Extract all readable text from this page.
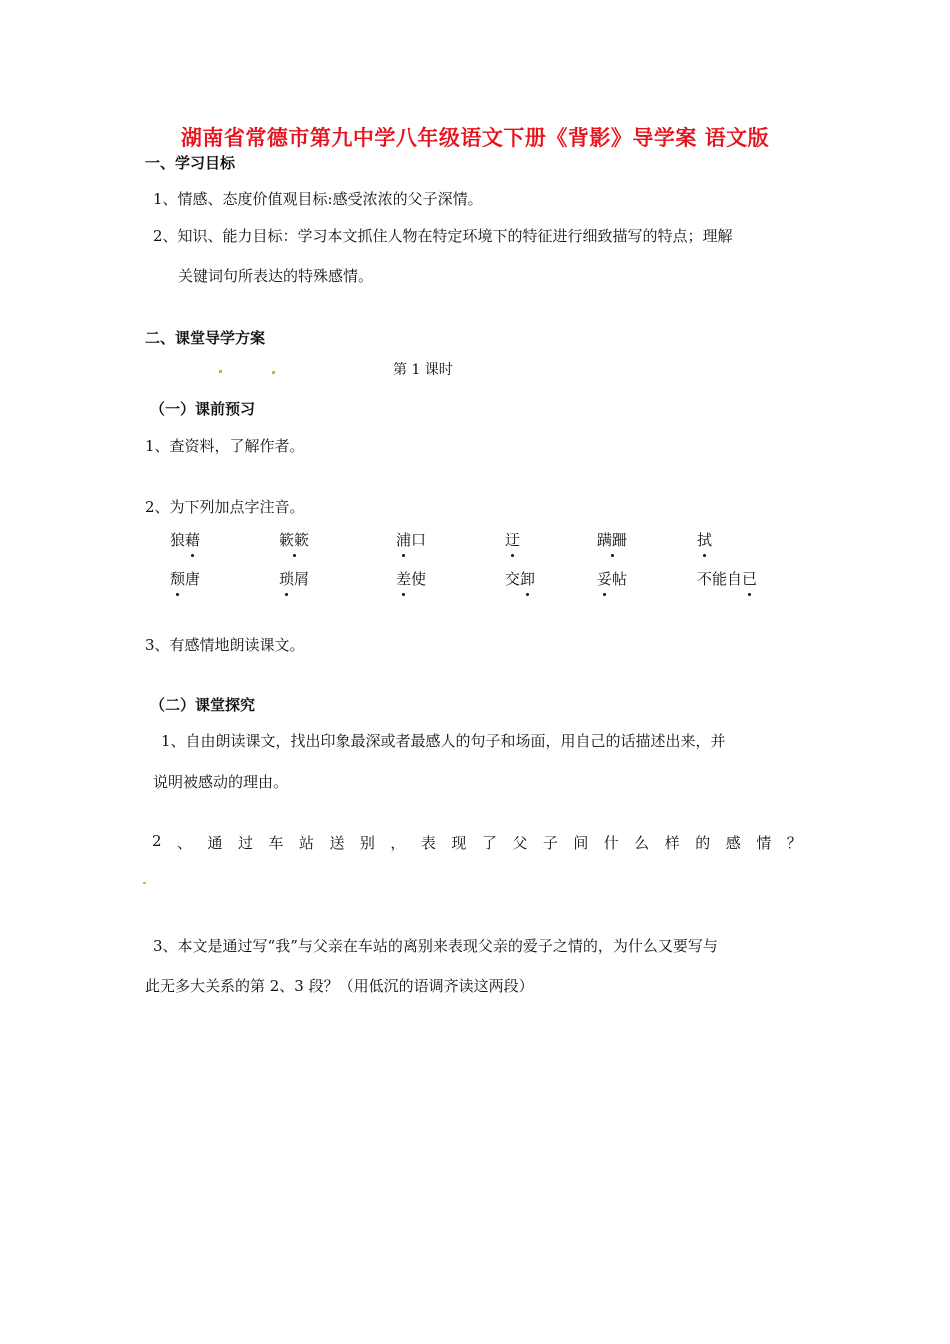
湖南省常德市第九中学八年级语文下册《背影》导学案 语文版
一、学习目标
1、情感、态度价值观目标:感受浓浓的父子深情。
2、知识、能力目标：学习本文抓住人物在特定环境下的特征进行细致描写的特点；理解
关键词句所表达的特殊感情。
二、课堂导学方案
第 1 课时
（一）课前预习
1、查资料，了解作者。
2、为下列加点字注音。
狼藉	簌簌	浦口	迂	蹒跚	拭
颓唐	琐屑	差使	交卸	妥帖	不能自已
3、有感情地朗读课文。
（二）课堂探究
1、自由朗读课文，找出印象最深或者最感人的句子和场面，用自己的话描述出来，并
说明被感动的理由。
2 、 通 过 车 站 送 别 ， 表 现 了 父 子 间 什 么 样 的 感 情 ？
3、本文是通过写“我”与父亲在车站的离别来表现父亲的爱子之情的，为什么又要写与
此无多大关系的第 2、3 段？（用低沉的语调齐读这两段）
